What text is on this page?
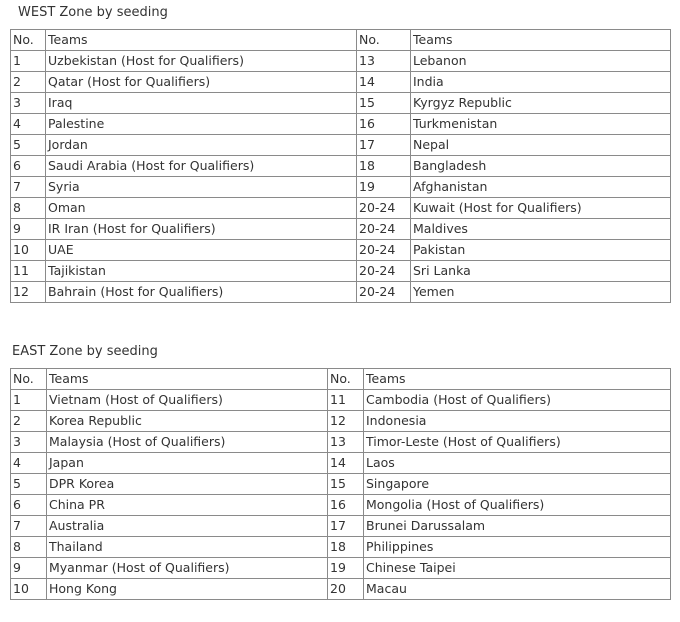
WEST Zone by seeding
No.	Teams	No.	Teams
1	Uzbekistan (Host for Qualifiers)	13	Lebanon
2	Qatar (Host for Qualifiers)	14	India
3	Iraq	15	Kyrgyz Republic
4	Palestine	16	Turkmenistan
5	Jordan	17	Nepal
6	Saudi Arabia (Host for Qualifiers)	18	Bangladesh
7	Syria	19	Afghanistan
8	Oman	20-24	Kuwait (Host for Qualifiers)
9	IR Iran (Host for Qualifiers)	20-24	Maldives
10	UAE	20-24	Pakistan
11	Tajikistan	20-24	Sri Lanka
12	Bahrain (Host for Qualifiers)	20-24	Yemen
EAST Zone by seeding
No.	Teams	No.	Teams
1	Vietnam (Host of Qualifiers)	11	Cambodia (Host of Qualifiers)
2	Korea Republic	12	Indonesia
3	Malaysia (Host of Qualifiers)	13	Timor-Leste (Host of Qualifiers)
4	Japan	14	Laos
5	DPR Korea	15	Singapore
6	China PR	16	Mongolia (Host of Qualifiers)
7	Australia	17	Brunei Darussalam
8	Thailand	18	Philippines
9	Myanmar (Host of Qualifiers)	19	Chinese Taipei
10	Hong Kong	20	Macau
